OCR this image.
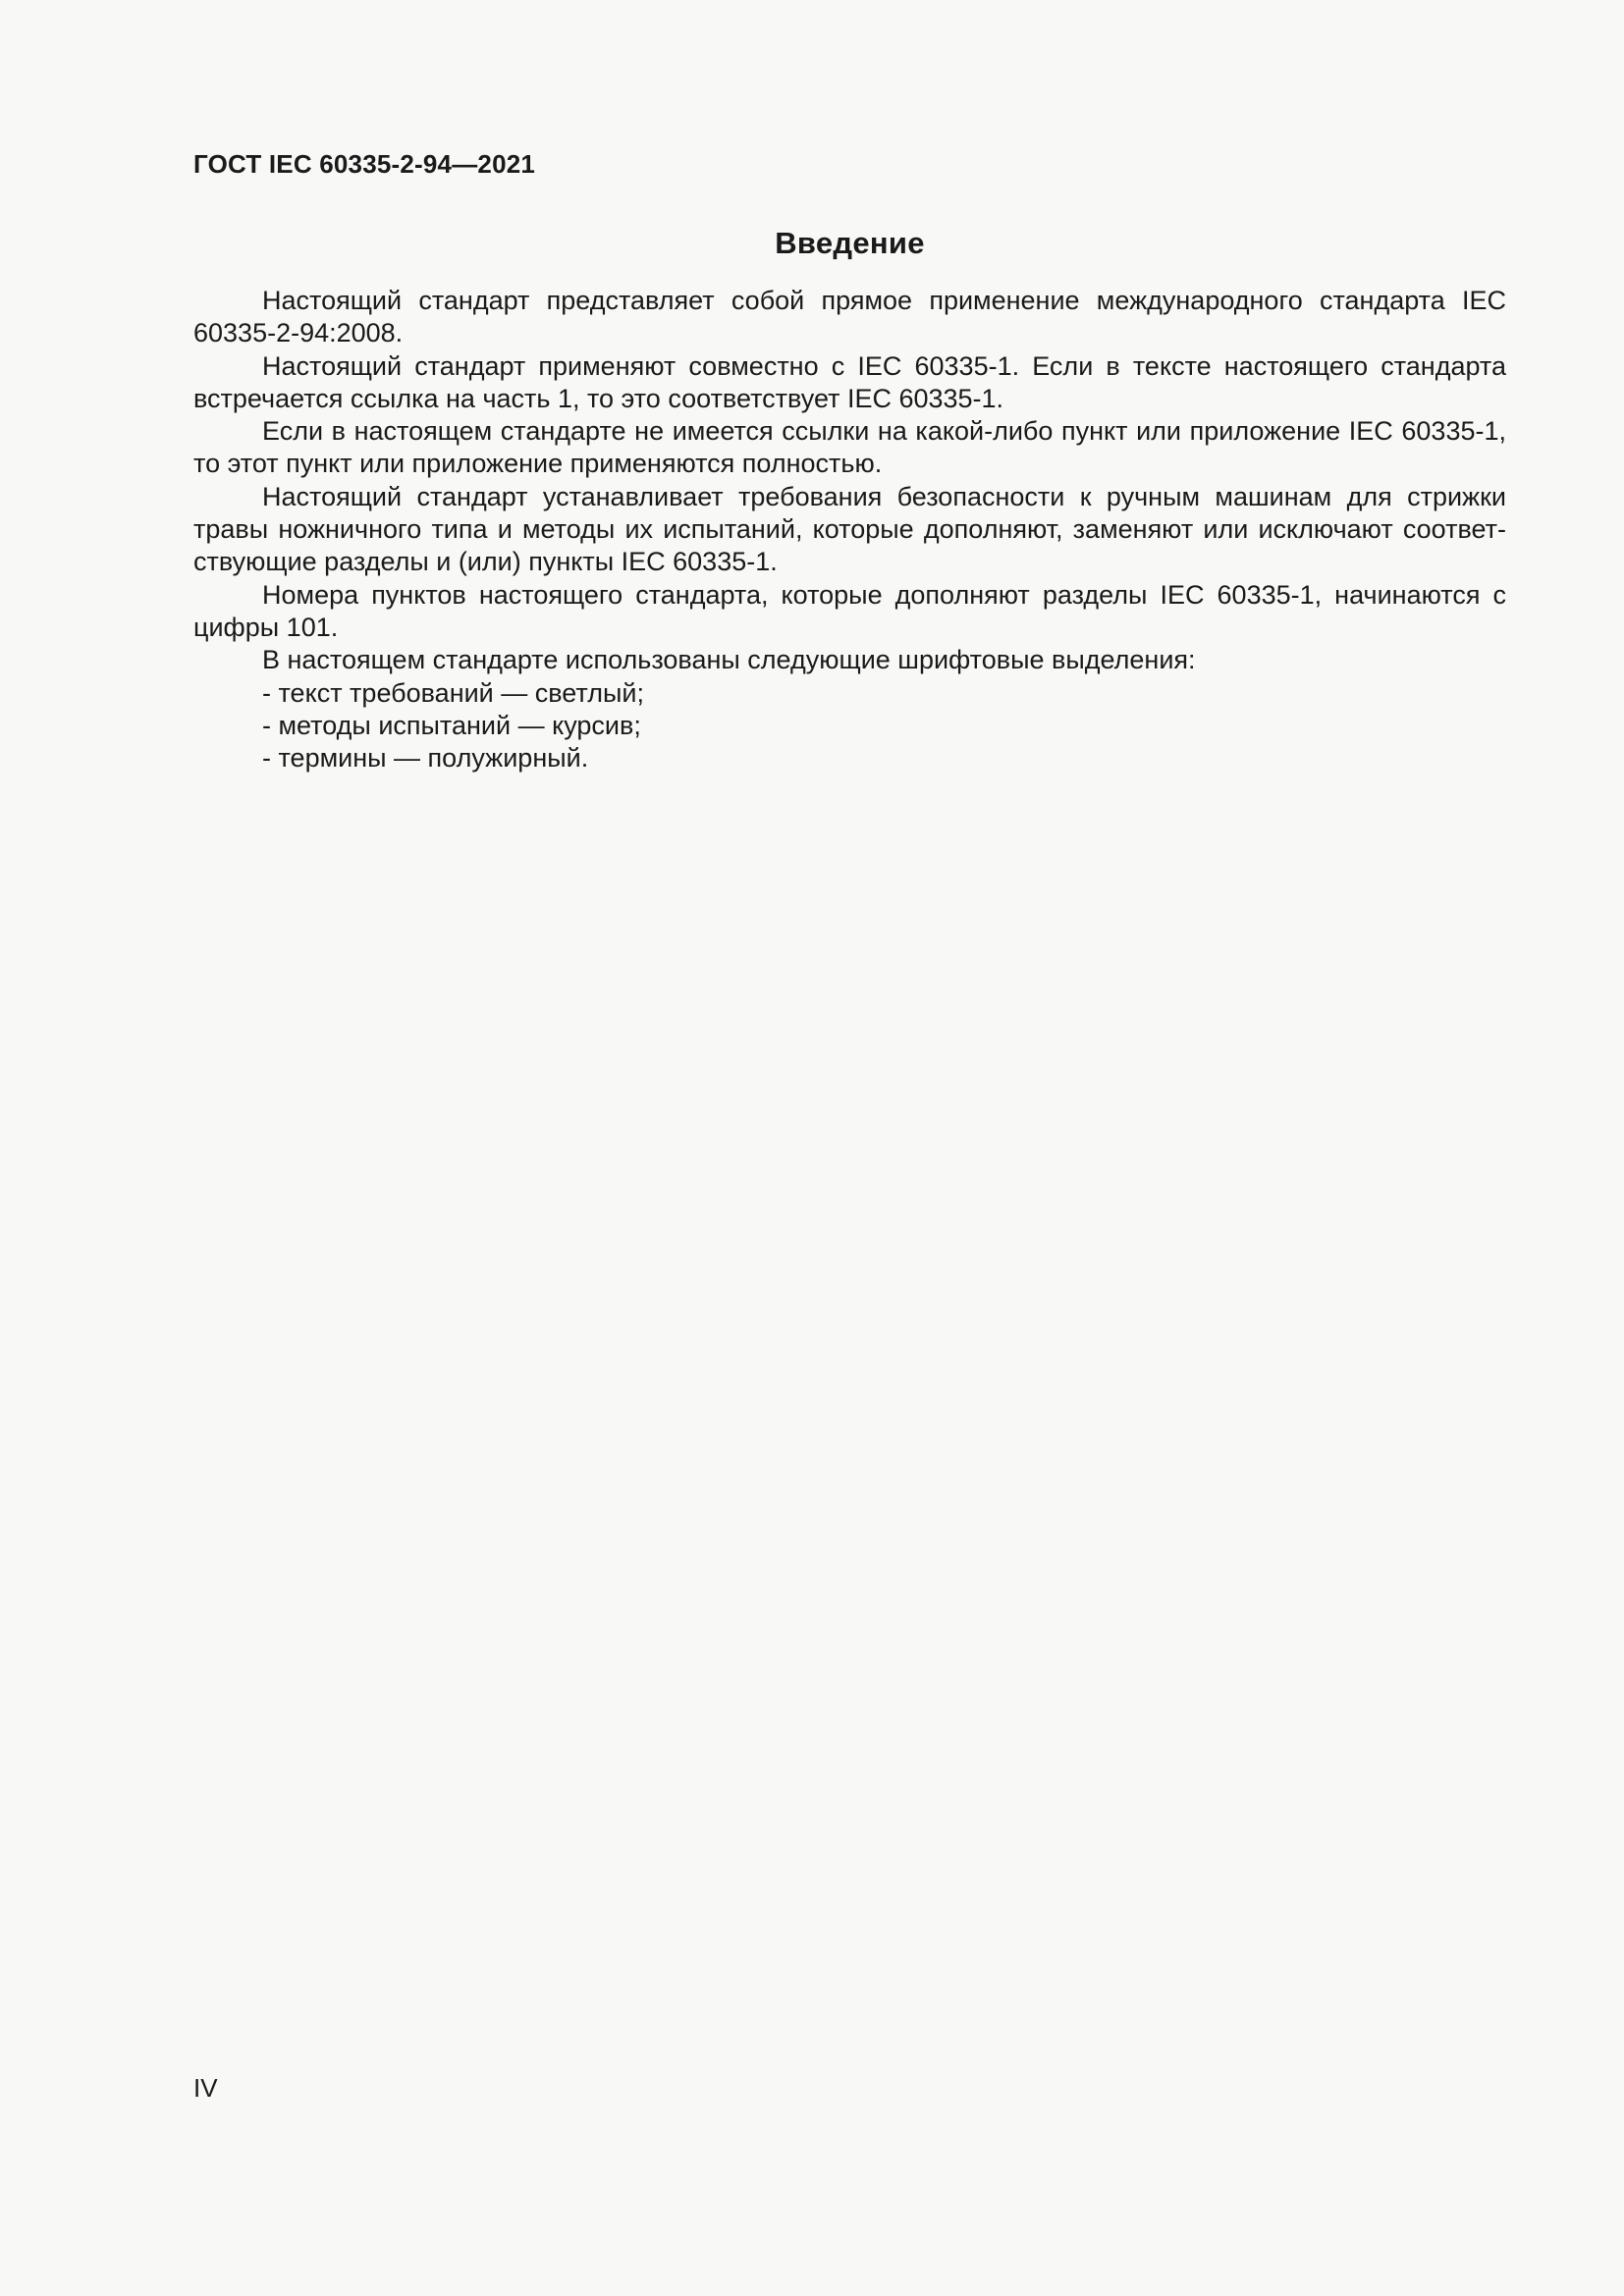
ГОСТ IEC 60335-2-94—2021
Введение

Настоящий стандарт представляет собой прямое применение международного стандарта IEC 60335-2-94:2008.

Настоящий стандарт применяют совместно с IEC 60335-1. Если в тексте настоящего стандарта встречается ссылка на часть 1, то это соответствует IEC 60335-1.

Если в настоящем стандарте не имеется ссылки на какой-либо пункт или приложение IEC 60335-1, то этот пункт или приложение применяются полностью.

Настоящий стандарт устанавливает требования безопасности к ручным машинам для стрижки травы ножничного типа и методы их испытаний, которые дополняют, заменяют или исключают соответ-ствующие разделы и (или) пункты IEC 60335-1.

Номера пунктов настоящего стандарта, которые дополняют разделы IEC 60335-1, начинаются с цифры 101.

В настоящем стандарте использованы следующие шрифтовые выделения:

- текст требований — светлый;

- методы испытаний — курсив;

- термины — полужирный.

IV
